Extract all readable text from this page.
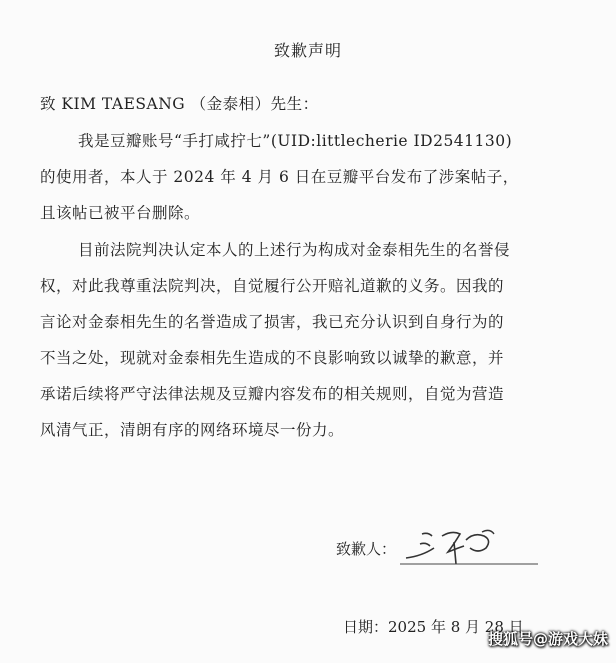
致歉声明
致 KIM TAESANG （金泰相）先生：
我是豆瓣账号“手打咸拧七”(UID:littlecherie ID2541130)
的使用者，本人于 2024 年 4 月 6 日在豆瓣平台发布了涉案帖子，
且该帖已被平台删除。
目前法院判决认定本人的上述行为构成对金泰相先生的名誉侵
权，对此我尊重法院判决，自觉履行公开赔礼道歉的义务。因我的
言论对金泰相先生的名誉造成了损害，我已充分认识到自身行为的
不当之处，现就对金泰相先生造成的不良影响致以诚挚的歉意，并
承诺后续将严守法律法规及豆瓣内容发布的相关规则，自觉为营造
风清气正，清朗有序的网络环境尽一份力。
致歉人：
日期：2025 年 8 月 28 日
搜狐号@游戏大妹
